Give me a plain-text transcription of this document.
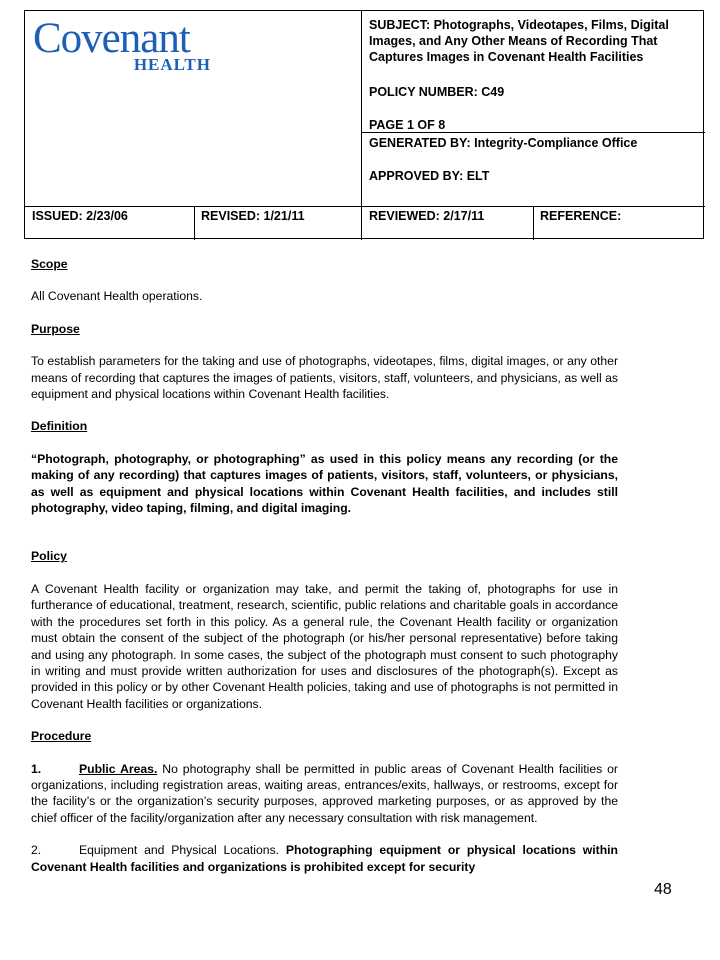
Covenant
HEALTH
SUBJECT: Photographs, Videotapes, Films, Digital Images, and Any Other Means of Recording That Captures Images in Covenant Health Facilities
POLICY NUMBER: C49
PAGE 1 OF 8
GENERATED BY: Integrity-Compliance Office
APPROVED BY: ELT
ISSUED: 2/23/06	REVISED: 1/21/11	REVIEWED: 2/17/11	REFERENCE:

Scope

All Covenant Health operations.

Purpose

To establish parameters for the taking and use of photographs, videotapes, films, digital images, or any other means of recording that captures the images of patients, visitors, staff, volunteers, and physicians, as well as equipment and physical locations within Covenant Health facilities.

Definition

“Photograph, photography, or photographing” as used in this policy means any recording (or the making of any recording) that captures images of patients, visitors, staff, volunteers, or physicians, as well as equipment and physical locations within Covenant Health facilities, and includes still photography, video taping, filming, and digital imaging.

Policy

A Covenant Health facility or organization may take, and permit the taking of, photographs for use in furtherance of educational, treatment, research, scientific, public relations and charitable goals in accordance with the procedures set forth in this policy. As a general rule, the Covenant Health facility or organization must obtain the consent of the subject of the photograph (or his/her personal representative) before taking and using any photograph. In some cases, the subject of the photograph must consent to such photography in writing and must provide written authorization for uses and disclosures of the photograph(s). Except as provided in this policy or by other Covenant Health policies, taking and use of photographs is not permitted in Covenant Health facilities or organizations.

Procedure

1.	Public Areas. No photography shall be permitted in public areas of Covenant Health facilities or organizations, including registration areas, waiting areas, entrances/exits, hallways, or restrooms, except for the facility’s or the organization’s security purposes, approved marketing purposes, or as approved by the chief officer of the facility/organization after any necessary consultation with risk management.

2.	Equipment and Physical Locations. Photographing equipment or physical locations within Covenant Health facilities and organizations is prohibited except for security

48
